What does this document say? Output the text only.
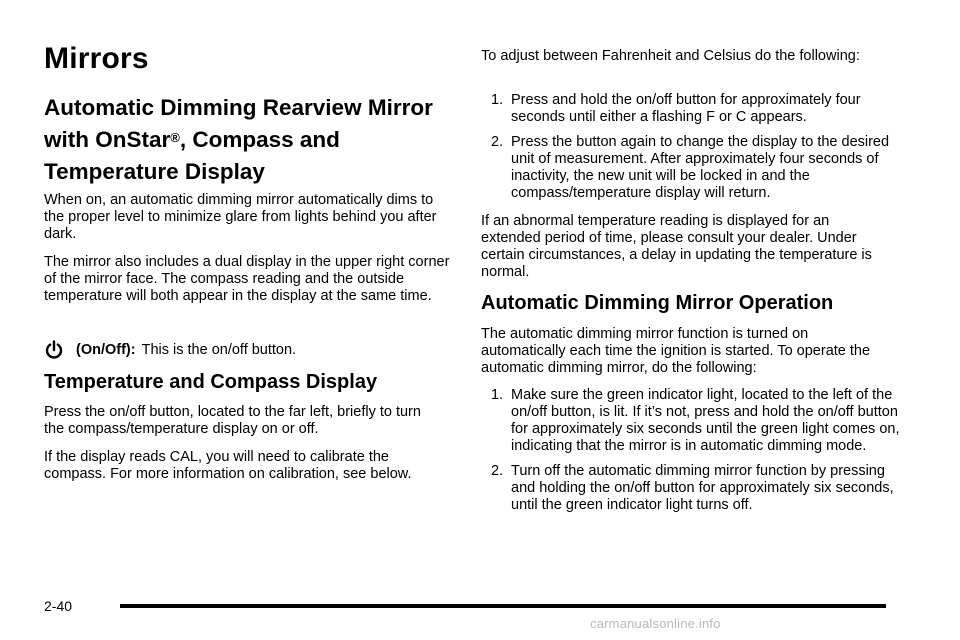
Mirrors
Automatic Dimming Rearview Mirror with OnStar®, Compass and Temperature Display

When on, an automatic dimming mirror automatically dims to the proper level to minimize glare from lights behind you after dark.

The mirror also includes a dual display in the upper right corner of the mirror face. The compass reading and the outside temperature will both appear in the display at the same time.

(On/Off): This is the on/off button.
Temperature and Compass Display

Press the on/off button, located to the far left, briefly to turn the compass/temperature display on or off.

If the display reads CAL, you will need to calibrate the compass. For more information on calibration, see below.

To adjust between Fahrenheit and Celsius do the following:

1. Press and hold the on/off button for approximately four seconds until either a flashing F or C appears.
2. Press the button again to change the display to the desired unit of measurement. After approximately four seconds of inactivity, the new unit will be locked in and the compass/temperature display will return.

If an abnormal temperature reading is displayed for an extended period of time, please consult your dealer. Under certain circumstances, a delay in updating the temperature is normal.

Automatic Dimming Mirror Operation

The automatic dimming mirror function is turned on automatically each time the ignition is started. To operate the automatic dimming mirror, do the following:

1. Make sure the green indicator light, located to the left of the on/off button, is lit. If it’s not, press and hold the on/off button for approximately six seconds until the green light comes on, indicating that the mirror is in automatic dimming mode.
2. Turn off the automatic dimming mirror function by pressing and holding the on/off button for approximately six seconds, until the green indicator light turns off.
2-40
carmanualsonline.info
